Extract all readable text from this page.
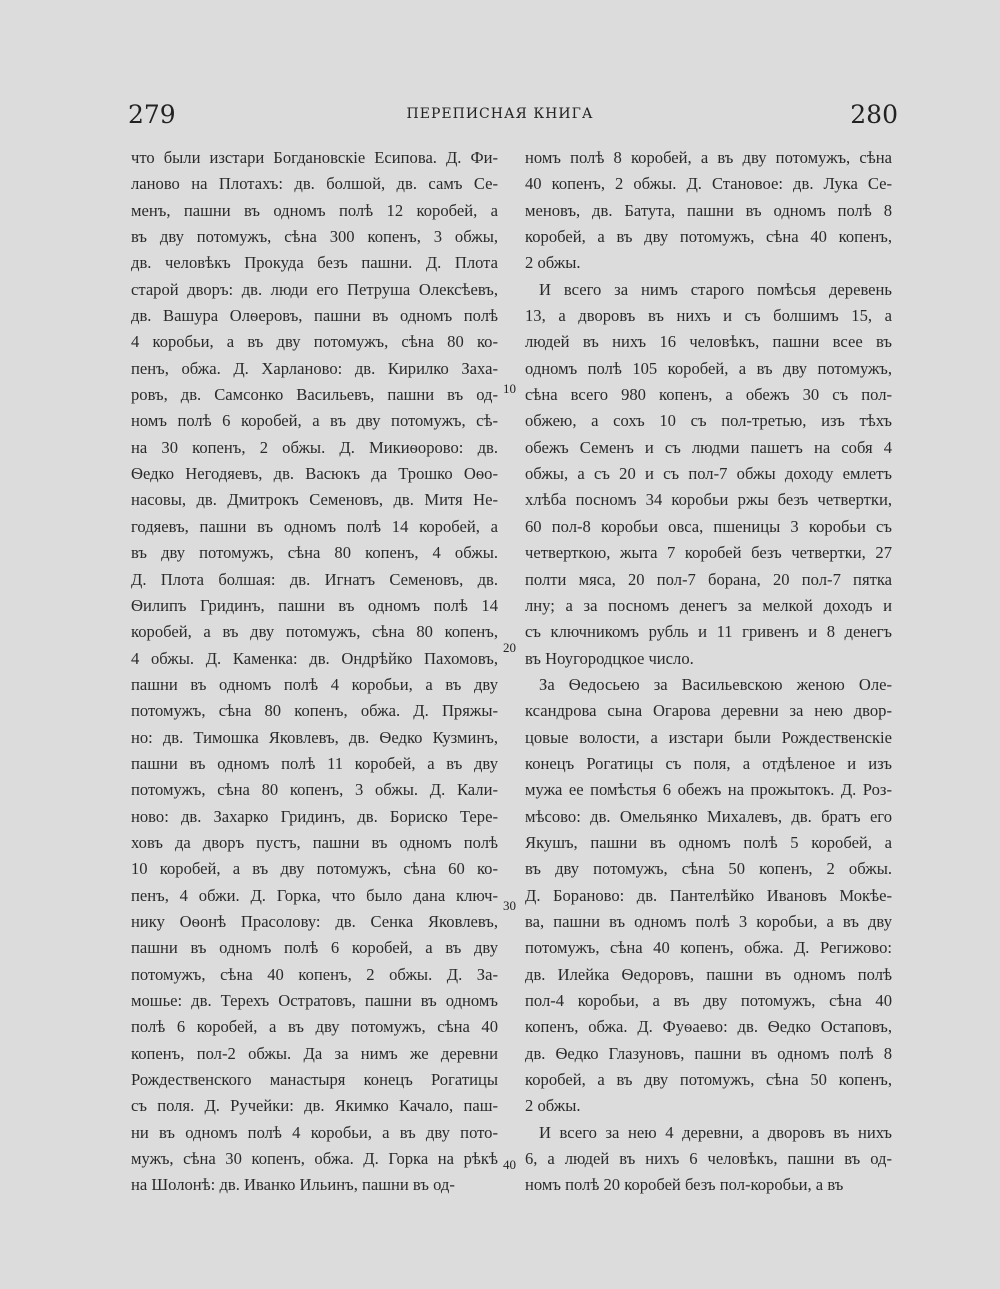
279	ПЕРЕПИСНАЯ КНИГА	280
что были изстари Богдановскіе Есипова. Д. Фи-
ланово на Плотахъ: дв. болшой, дв. самъ Се-
менъ, пашни въ одномъ полѣ 12 коробей, а
въ дву потомужъ, сѣна 300 копенъ, 3 обжы,
дв. человѣкъ Прокуда безъ пашни. Д. Плота
старой дворъ: дв. люди его Петруша Олексѣевъ,
дв. Вашура Олѳеровъ, пашни въ одномъ полѣ
4 коробьи, а въ дву потомужъ, сѣна 80 ко-
пенъ, обжа. Д. Харланово: дв. Кирилко Заха-
ровъ, дв. Самсонко Васильевъ, пашни въ од-
номъ полѣ 6 коробей, а въ дву потомужъ, сѣ-
на 30 копенъ, 2 обжы. Д. Микиѳорово: дв.
Ѳедко Негодяевъ, дв. Васюкъ да Трошко Оѳо-
насовы, дв. Дмитрокъ Семеновъ, дв. Митя Не-
годяевъ, пашни въ одномъ полѣ 14 коробей, а
въ дву потомужъ, сѣна 80 копенъ, 4 обжы.
Д. Плота болшая: дв. Игнатъ Семеновъ, дв.
Ѳилипъ Гридинъ, пашни въ одномъ полѣ 14
коробей, а въ дву потомужъ, сѣна 80 копенъ,
4 обжы. Д. Каменка: дв. Ондрѣйко Пахомовъ,
пашни въ одномъ полѣ 4 коробьи, а въ дву
потомужъ, сѣна 80 копенъ, обжа. Д. Пряжы-
но: дв. Тимошка Яковлевъ, дв. Ѳедко Кузминъ,
пашни въ одномъ полѣ 11 коробей, а въ дву
потомужъ, сѣна 80 копенъ, 3 обжы. Д. Кали-
ново: дв. Захарко Гридинъ, дв. Бориско Тере-
ховъ да дворъ пустъ, пашни въ одномъ полѣ
10 коробей, а въ дву потомужъ, сѣна 60 ко-
пенъ, 4 обжи. Д. Горка, что было дана ключ-
нику Оѳонѣ Прасолову: дв. Сенка Яковлевъ,
пашни въ одномъ полѣ 6 коробей, а въ дву
потомужъ, сѣна 40 копенъ, 2 обжы. Д. За-
мошье: дв. Терехъ Остратовъ, пашни въ одномъ
полѣ 6 коробей, а въ дву потомужъ, сѣна 40
копенъ, пол-2 обжы. Да за нимъ же деревни
Рождественского манастыря конецъ Рогатицы
съ поля. Д. Ручейки: дв. Якимко Качало, паш-
ни въ одномъ полѣ 4 коробьи, а въ дву пото-
мужъ, сѣна 30 копенъ, обжа. Д. Горка на рѣкѣ
на Шолонѣ: дв. Иванко Ильинъ, пашни въ од-
номъ полѣ 8 коробей, а въ дву потомужъ, сѣна
40 копенъ, 2 обжы. Д. Становое: дв. Лука Се-
меновъ, дв. Батута, пашни въ одномъ полѣ 8
коробей, а въ дву потомужъ, сѣна 40 копенъ,
2 обжы.
И всего за нимъ старого помѣсья деревень
13, а дворовъ въ нихъ и съ болшимъ 15, а
людей въ нихъ 16 человѣкъ, пашни всее въ
одномъ полѣ 105 коробей, а въ дву потомужъ,
сѣна всего 980 копенъ, а обежъ 30 съ пол-
обжею, а сохъ 10 съ пол-третью, изъ тѣхъ
обежъ Семенъ и съ людми пашетъ на собя 4
обжы, а съ 20 и съ пол-7 обжы доходу емлетъ
хлѣба посномъ 34 коробьи ржы безъ четвертки,
60 пол-8 коробьи овса, пшеницы 3 коробьи съ
четверткою, жыта 7 коробей безъ четвертки, 27
полти мяса, 20 пол-7 борана, 20 пол-7 пятка
лну; а за посномъ денегъ за мелкой доходъ и
съ ключникомъ рубль и 11 гривенъ и 8 денегъ
въ Ноугородцкое число.
За Ѳедосьею за Васильевскою женою Оле-
ксандрова сына Огарова деревни за нею двор-
цовые волости, а изстари были Рождественскіе
конецъ Рогатицы съ поля, а отдѣленое и изъ
мужа ее помѣстья 6 обежъ на прожытокъ. Д. Роз-
мѣсово: дв. Омельянко Михалевъ, дв. братъ его
Якушъ, пашни въ одномъ полѣ 5 коробей, а
въ дву потомужъ, сѣна 50 копенъ, 2 обжы.
Д. Бораново: дв. Пантелѣйко Ивановъ Мокѣе-
ва, пашни въ одномъ полѣ 3 коробьи, а въ дву
потомужъ, сѣна 40 копенъ, обжа. Д. Регижово:
дв. Илейка Ѳедоровъ, пашни въ одномъ полѣ
пол-4 коробьи, а въ дву потомужъ, сѣна 40
копенъ, обжа. Д. Фуѳаево: дв. Ѳедко Остаповъ,
дв. Ѳедко Глазуновъ, пашни въ одномъ полѣ 8
коробей, а въ дву потомужъ, сѣна 50 копенъ,
2 обжы.
И всего за нею 4 деревни, а дворовъ въ нихъ
6, а людей въ нихъ 6 человѣкъ, пашни въ од-
номъ полѣ 20 коробей безъ пол-коробьи, а въ
10
20
30
40
